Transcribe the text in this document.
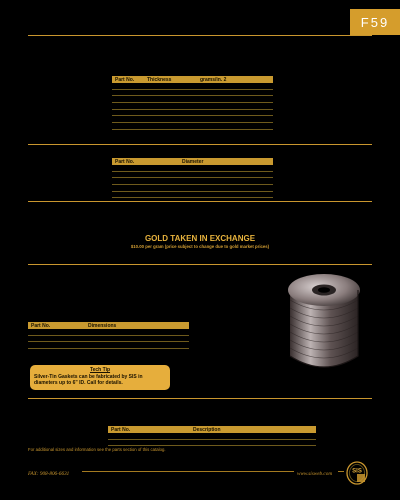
F59
Part No.	Thickness	grams/in. 2
Part No.	Diameter
GOLD TAKEN IN EXCHANGE
$10.00 per gram (price subject to change due to gold market prices)
Part No.	Dimensions
Tech Tip
Silver-Tin Gaskets can be fabricated by SIS in diameters up to 6" ID. Call for details.
Part No.	Description
For additional sizes and information see the parts section of this catalog.
FAX: 908-806-6631	www.sisweb.com	SIS
